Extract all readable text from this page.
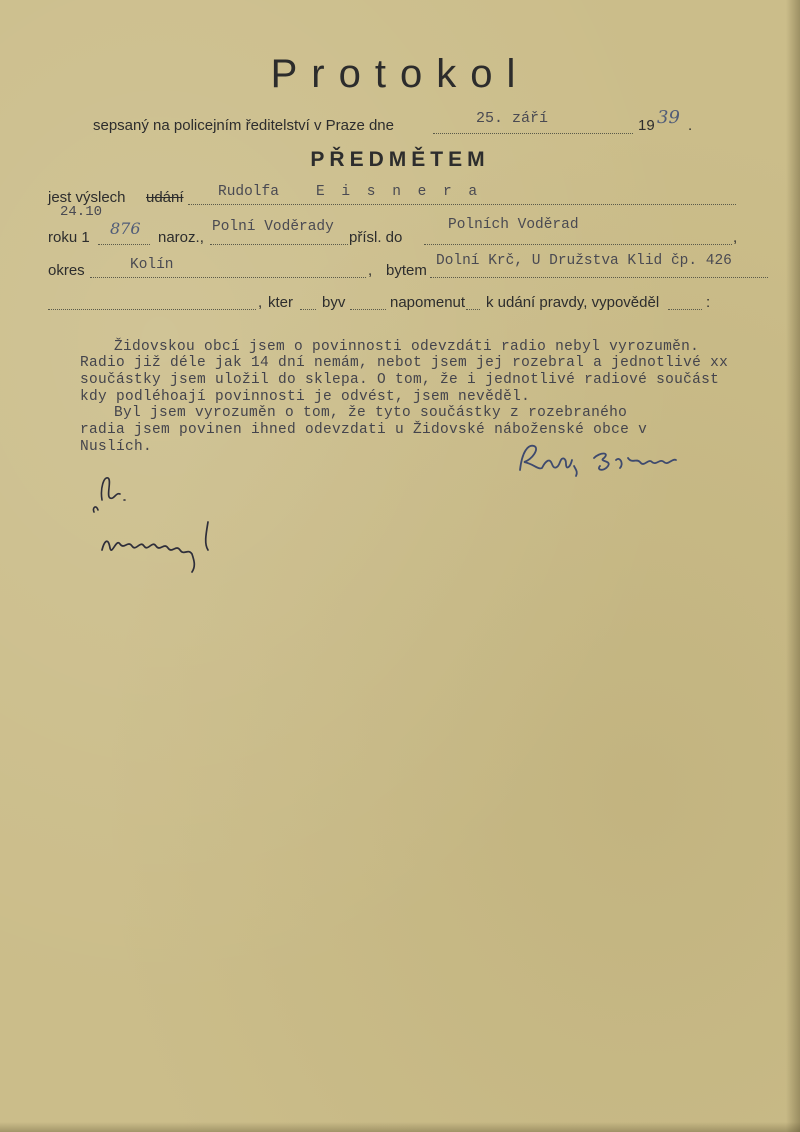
Protokol
sepsaný na policejním ředitelství v Praze dne	25. září	19 39 .
PŘEDMĚTEM
jest výslech udání Rudolfa	E i s n e r a
24.10
roku 1 876 naroz.,
Polní Voděrady
přísl. do
Polních Voděrad
,
okres	Kolín	, bytem
Dolní Krč, U Družstva Klid čp. 426
, kter byv	napomenut k udání pravdy, vypověděl	:
Židovskou obcí jsem o povinnosti odevzdáti radio nebyl vyrozuměn.
Radio již déle jak 14 dní nemám, nebot jsem jej rozebral a jednotlivé xx
součástky jsem uložil do sklepa. O tom, že i jednotlivé radiové součást
kdy podléhoají povinnosti je odvést, jsem nevěděl.
Byl jsem vyrozuměn o tom, že tyto součástky z rozebraného
radia jsem povinen ihned odevzdati u Židovské náboženské obce v
Nuslích.
